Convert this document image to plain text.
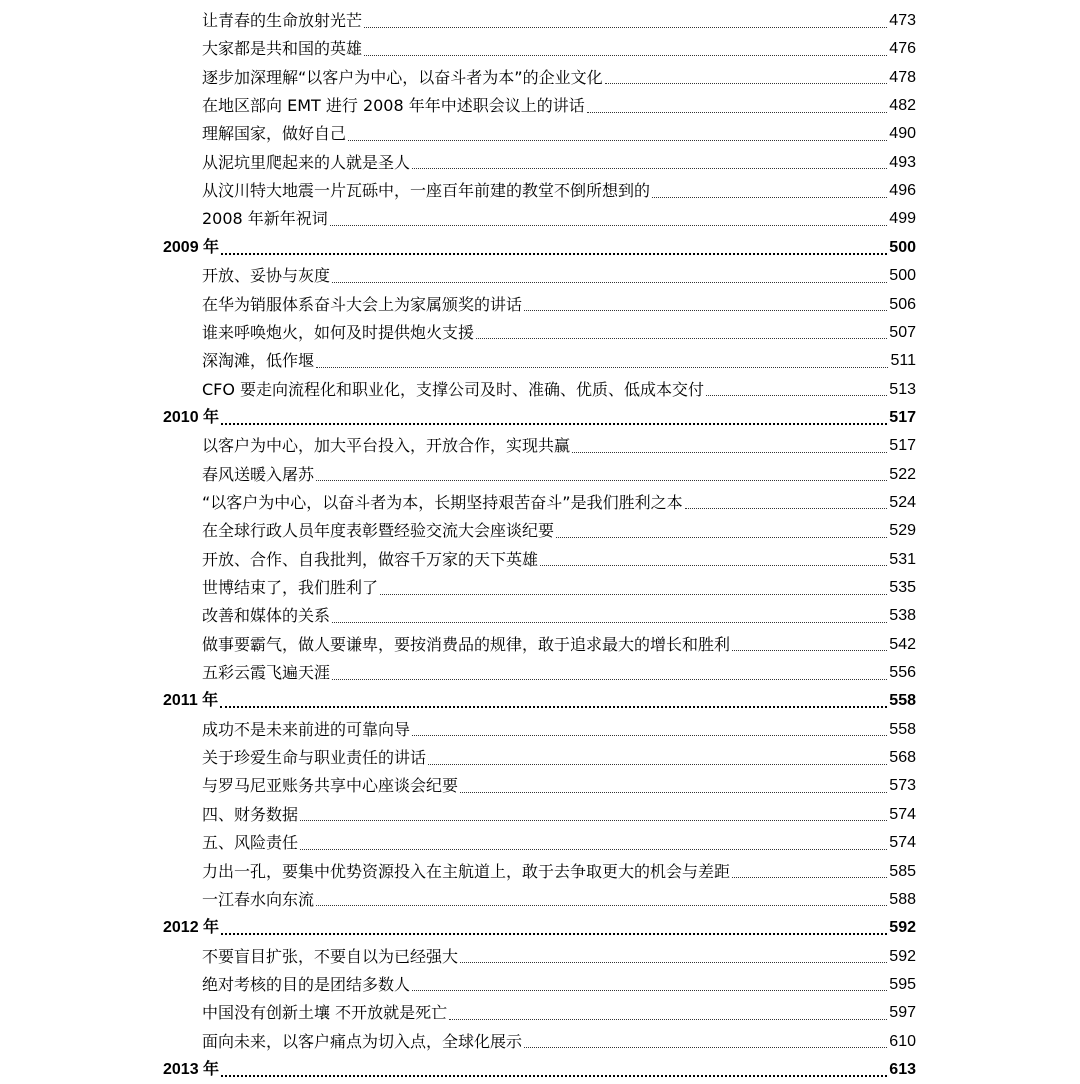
让青春的生命放射光芒	473
大家都是共和国的英雄	476
逐步加深理解“以客户为中心，以奋斗者为本”的企业文化	478
在地区部向 EMT 进行 2008 年年中述职会议上的讲话	482
理解国家，做好自己	490
从泥坑里爬起来的人就是圣人	493
从汶川特大地震一片瓦砾中，一座百年前建的教堂不倒所想到的	496
2008 年新年祝词	499
2009 年	500
开放、妥协与灰度	500
在华为销服体系奋斗大会上为家属颁奖的讲话	506
谁来呼唤炮火，如何及时提供炮火支援	507
深淘滩，低作堰	511
CFO 要走向流程化和职业化，支撑公司及时、准确、优质、低成本交付	513
2010 年	517
以客户为中心，加大平台投入，开放合作，实现共赢	517
春风送暖入屠苏	522
“以客户为中心，以奋斗者为本，长期坚持艰苦奋斗”是我们胜利之本	524
在全球行政人员年度表彰暨经验交流大会座谈纪要	529
开放、合作、自我批判，做容千万家的天下英雄	531
世博结束了，我们胜利了	535
改善和媒体的关系	538
做事要霸气，做人要谦卑，要按消费品的规律，敢于追求最大的增长和胜利	542
五彩云霞飞遍天涯	556
2011 年	558
成功不是未来前进的可靠向导	558
关于珍爱生命与职业责任的讲话	568
与罗马尼亚账务共享中心座谈会纪要	573
四、财务数据	574
五、风险责任	574
力出一孔，要集中优势资源投入在主航道上，敢于去争取更大的机会与差距	585
一江春水向东流	588
2012 年	592
不要盲目扩张，不要自以为已经强大	592
绝对考核的目的是团结多数人	595
中国没有创新土壤 不开放就是死亡	597
面向未来，以客户痛点为切入点，全球化展示	610
2013 年	613
